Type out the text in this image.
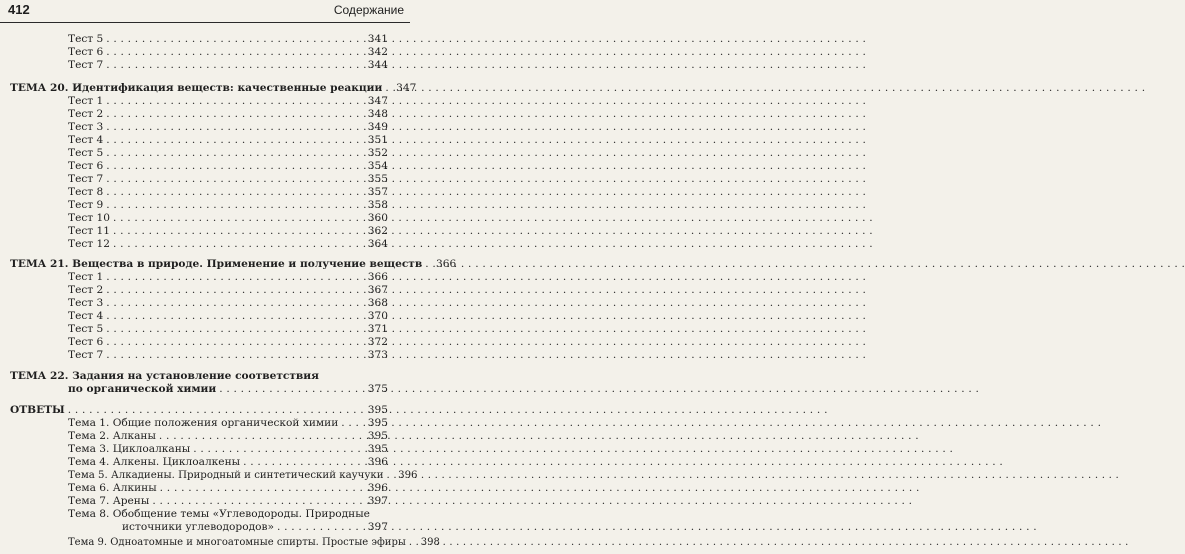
412	Содержание
Тест 5 . . .	341
Тест 6 . . .	342
Тест 7 . . .	344
ТЕМА 20. Идентификация веществ: качественные реакции . . . 347
Тест 1 . . .	347
Тест 2 . . .	348
Тест 3 . . .	349
Тест 4 . . .	351
Тест 5 . . .	352
Тест 6 . . .	354
Тест 7 . . .	355
Тест 8 . . .	357
Тест 9 . . .	358
Тест 10 . . .	360
Тест 11 . . .	362
Тест 12 . . .	364
ТЕМА 21. Вещества в природе. Применение и получение веществ . . . 366
Тест 1 . . .	366
Тест 2 . . .	367
Тест 3 . . .	368
Тест 4 . . .	370
Тест 5 . . .	371
Тест 6 . . .	372
Тест 7 . . .	373
ТЕМА 22. Задания на установление соответствия
по органической химии . . .	375
ОТВЕТЫ . . .	395
Тема 1. Общие положения органической химии . . .	395
Тема 2. Алканы . . .	395
Тема 3. Циклоалканы . . .	395
Тема 4. Алкены. Циклоалкены . . .	396
Тема 5. Алкадиены. Природный и синтетический каучуки . . . 396
Тема 6. Алкины . . .	396
Тема 7. Арены . . .	397
Тема 8. Обобщение темы «Углеводороды. Природные
источники углеводородов» . . .	397
Тема 9. Одноатомные и многоатомные спирты. Простые эфиры . . . 398
